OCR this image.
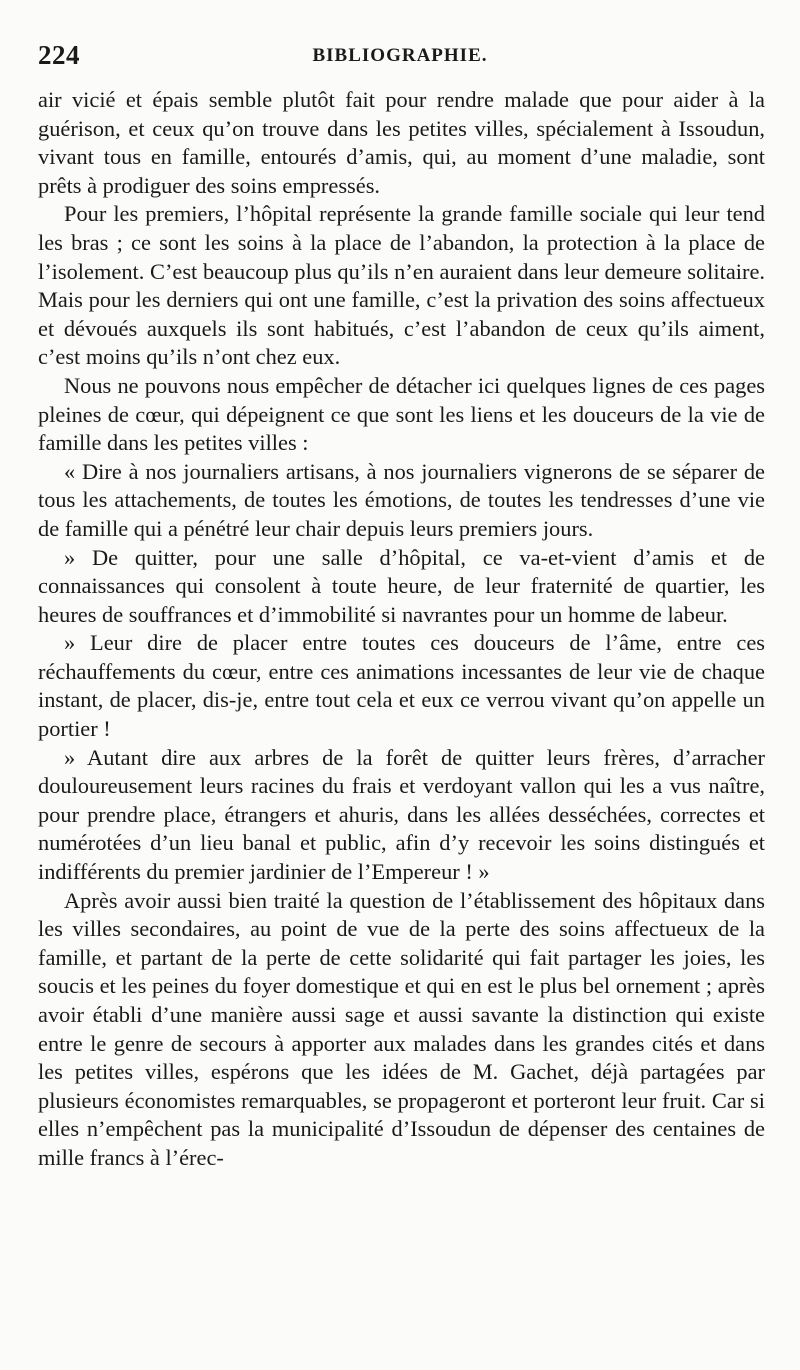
224	BIBLIOGRAPHIE.

air vicié et épais semble plutôt fait pour rendre malade que pour aider à la guérison, et ceux qu’on trouve dans les petites villes, spécialement à Issoudun, vivant tous en famille, entourés d’amis, qui, au moment d’une maladie, sont prêts à prodiguer des soins empressés.

Pour les premiers, l’hôpital représente la grande famille sociale qui leur tend les bras ; ce sont les soins à la place de l’abandon, la protection à la place de l’isolement. C’est beaucoup plus qu’ils n’en auraient dans leur demeure solitaire. Mais pour les derniers qui ont une famille, c’est la privation des soins affectueux et dévoués auxquels ils sont habitués, c’est l’abandon de ceux qu’ils aiment, c’est moins qu’ils n’ont chez eux.

Nous ne pouvons nous empêcher de détacher ici quelques lignes de ces pages pleines de cœur, qui dépeignent ce que sont les liens et les douceurs de la vie de famille dans les petites villes :

« Dire à nos journaliers artisans, à nos journaliers vignerons de se séparer de tous les attachements, de toutes les émotions, de toutes les tendresses d’une vie de famille qui a pénétré leur chair depuis leurs premiers jours.

» De quitter, pour une salle d’hôpital, ce va-et-vient d’amis et de connaissances qui consolent à toute heure, de leur fraternité de quartier, les heures de souffrances et d’immobilité si navrantes pour un homme de labeur.

» Leur dire de placer entre toutes ces douceurs de l’âme, entre ces réchauffements du cœur, entre ces animations incessantes de leur vie de chaque instant, de placer, dis-je, entre tout cela et eux ce verrou vivant qu’on appelle un portier !

» Autant dire aux arbres de la forêt de quitter leurs frères, d’arracher douloureusement leurs racines du frais et verdoyant vallon qui les a vus naître, pour prendre place, étrangers et ahuris, dans les allées desséchées, correctes et numérotées d’un lieu banal et public, afin d’y recevoir les soins distingués et indifférents du premier jardinier de l’Empereur ! »

Après avoir aussi bien traité la question de l’établissement des hôpitaux dans les villes secondaires, au point de vue de la perte des soins affectueux de la famille, et partant de la perte de cette solidarité qui fait partager les joies, les soucis et les peines du foyer domestique et qui en est le plus bel ornement ; après avoir établi d’une manière aussi sage et aussi savante la distinction qui existe entre le genre de secours à apporter aux malades dans les grandes cités et dans les petites villes, espérons que les idées de M. Gachet, déjà partagées par plusieurs économistes remarquables, se propageront et porteront leur fruit. Car si elles n’empêchent pas la municipalité d’Issoudun de dépenser des centaines de mille francs à l’érec-
